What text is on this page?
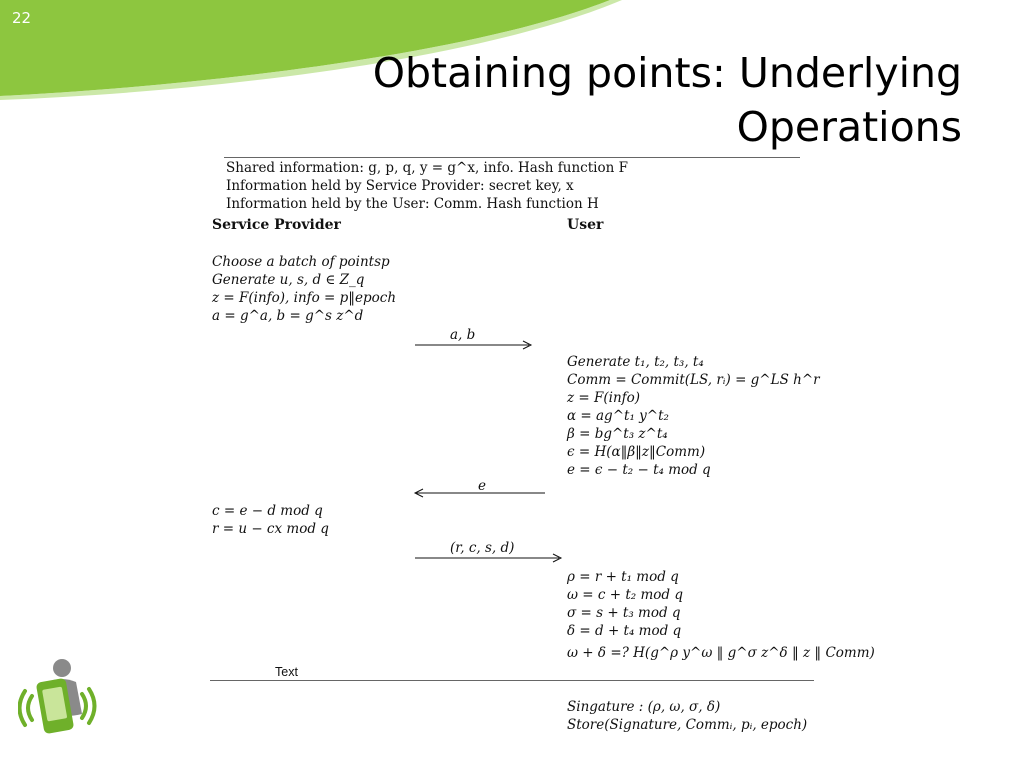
22
Obtaining points: Underlying
Operations
Shared information: g, p, q, y = g^x, info. Hash function F
Information held by Service Provider: secret key, x
Information held by the User: Comm. Hash function H
Service Provider	User
Choose a batch of pointsp
Generate u, s, d ∈ Z_q
z = F(info), info = p‖epoch
a = g^a, b = g^s z^d
a, b
Generate t₁, t₂, t₃, t₄
Comm = Commit(LS, rᵢ) = g^LS h^r
z = F(info)
α = ag^t₁ y^t₂
β = bg^t₃ z^t₄
ϵ = H(α‖β‖z‖Comm)
e = ϵ − t₂ − t₄ mod q
e
c = e − d mod q
r = u − cx mod q
(r, c, s, d)
ρ = r + t₁ mod q
ω = c + t₂ mod q
σ = s + t₃ mod q
δ = d + t₄ mod q
ω + δ =? H(g^ρ y^ω ‖ g^σ z^δ ‖ z ‖ Comm)
Text
Singature : (ρ, ω, σ, δ)
Store(Signature, Commᵢ, pᵢ, epoch)
